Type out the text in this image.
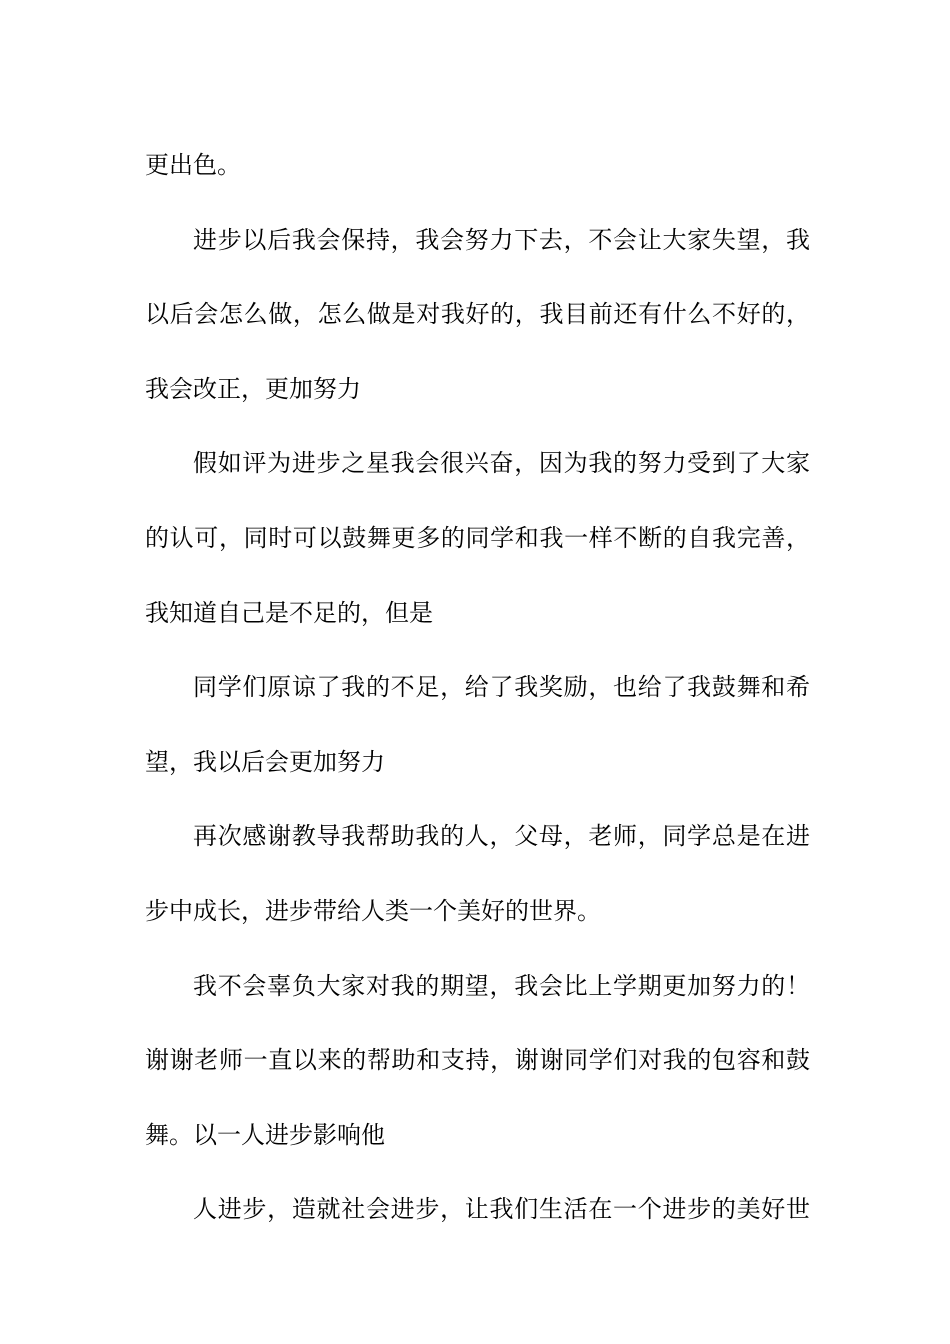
更出色。
进步以后我会保持，我会努力下去，不会让大家失望，我
以后会怎么做，怎么做是对我好的，我目前还有什么不好的，
我会改正，更加努力
假如评为进步之星我会很兴奋，因为我的努力受到了大家
的认可，同时可以鼓舞更多的同学和我一样不断的自我完善，
我知道自己是不足的，但是
同学们原谅了我的不足，给了我奖励，也给了我鼓舞和希
望，我以后会更加努力
再次感谢教导我帮助我的人，父母，老师，同学总是在进
步中成长，进步带给人类一个美好的世界。
我不会辜负大家对我的期望，我会比上学期更加努力的！
谢谢老师一直以来的帮助和支持，谢谢同学们对我的包容和鼓
舞。以一人进步影响他
人进步，造就社会进步，让我们生活在一个进步的美好世
